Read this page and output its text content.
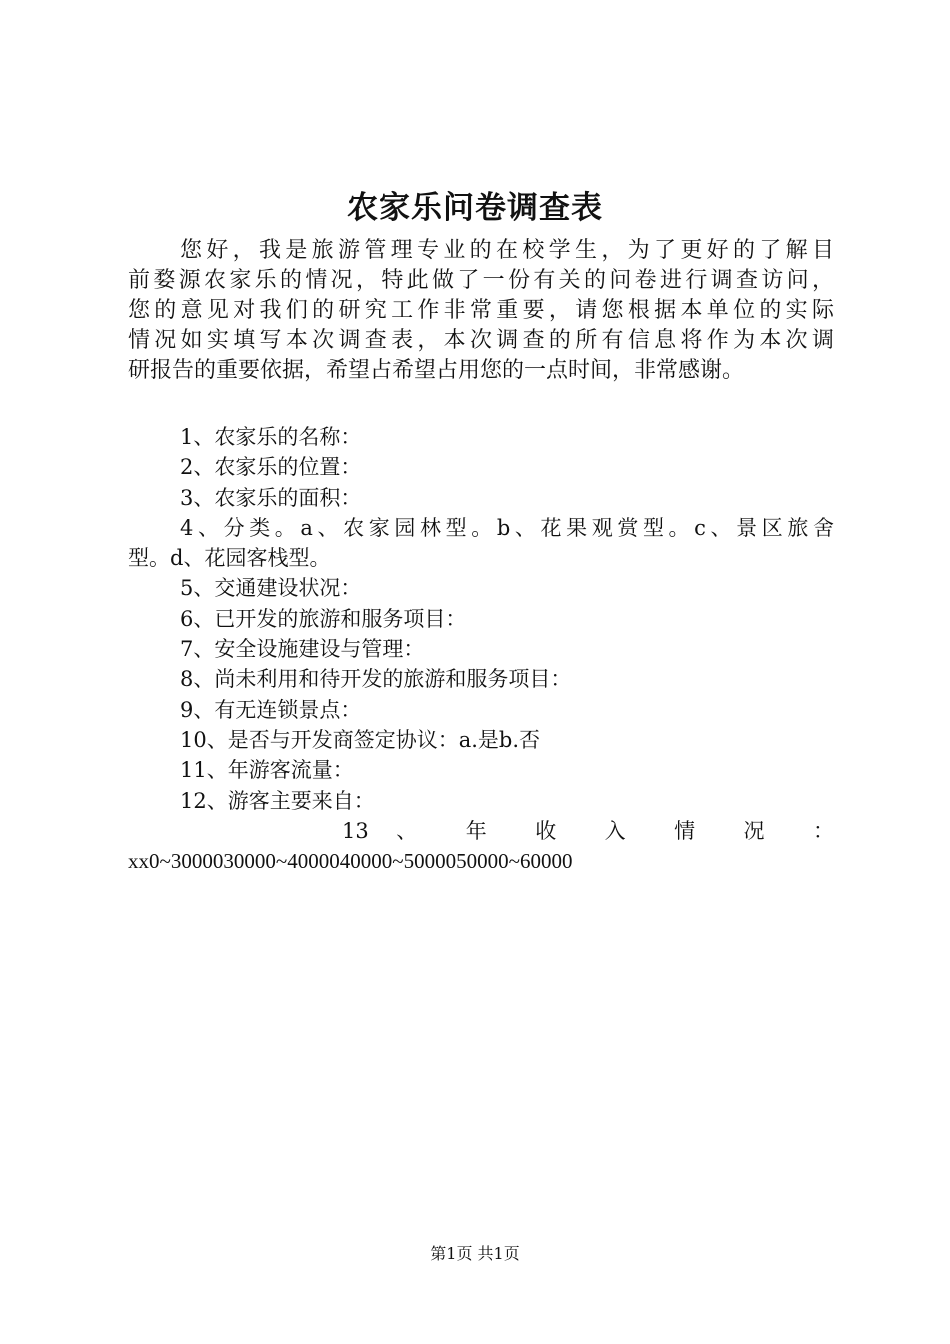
农家乐问卷调查表
您好，我是旅游管理专业的在校学生，为了更好的了解目
前婺源农家乐的情况，特此做了一份有关的问卷进行调查访问，
您的意见对我们的研究工作非常重要，请您根据本单位的实际
情况如实填写本次调查表，本次调查的所有信息将作为本次调
研报告的重要依据，希望占希望占用您的一点时间，非常感谢。
1、农家乐的名称：
2、农家乐的位置：
3、农家乐的面积：
4、分类。a、农家园林型。b、花果观赏型。c、景区旅舍
型。d、花园客栈型。
5、交通建设状况：
6、已开发的旅游和服务项目：
7、安全设施建设与管理：
8、尚未利用和待开发的旅游和服务项目：
9、有无连锁景点：
10、是否与开发商签定协议：a.是b.否
11、年游客流量：
12、游客主要来自：
13 、 年 收 入 情 况 ：
xx0~3000030000~4000040000~5000050000~60000
第1页 共1页
